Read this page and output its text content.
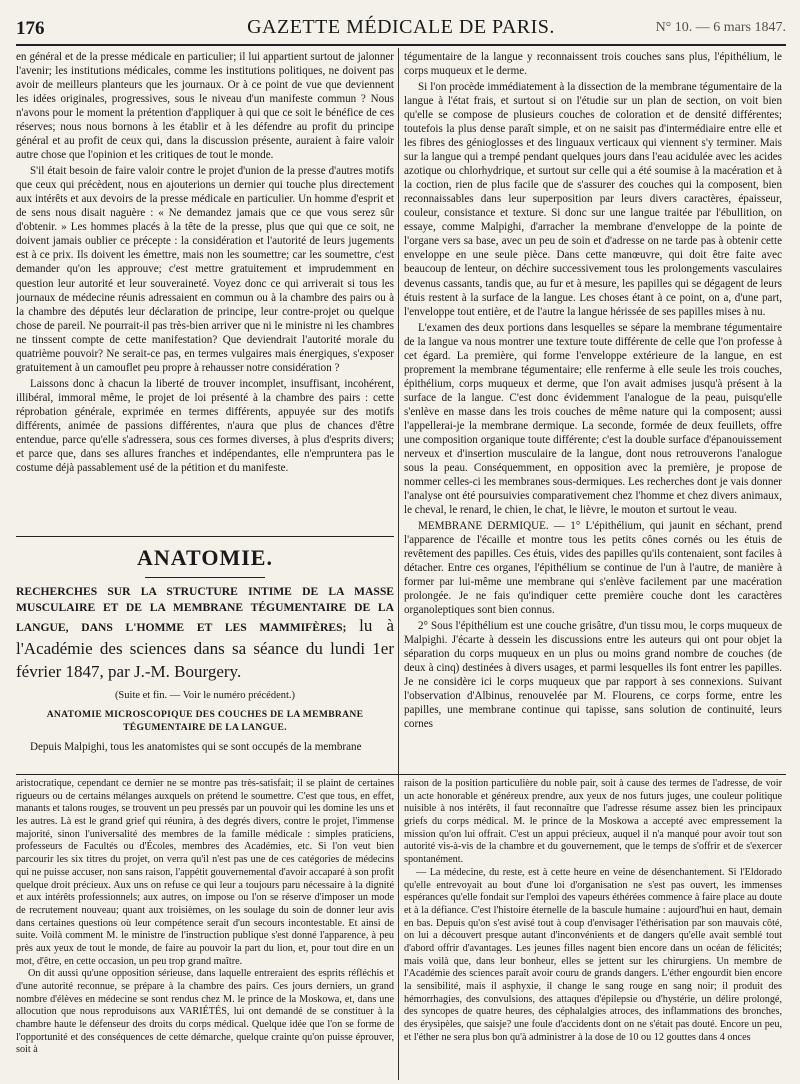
176	GAZETTE MÉDICALE DE PARIS.	N° 10. — 6 mars 1847.

en général et de la presse médicale en particulier; il lui appartient surtout de jalonner l'avenir; les institutions médicales, comme les institutions politiques, ne doivent pas avoir de meilleurs planteurs que les journaux. Or à ce point de vue que deviennent les idées originales, progressives, sous le niveau d'un manifeste commun ? Nous n'avons pour le moment la prétention d'appliquer à qui que ce soit le bénéfice de ces réserves; nous nous bornons à les établir et à les défendre au profit du principe général et au profit de ceux qui, dans la discussion présente, auraient à faire valoir autre chose que l'opinion et les critiques de tout le monde.

S'il était besoin de faire valoir contre le projet d'union de la presse d'autres motifs que ceux qui précèdent, nous en ajouterions un dernier qui touche plus directement aux intérêts et aux devoirs de la presse médicale en particulier. Un homme d'esprit et de sens nous disait naguère : « Ne demandez jamais que ce que vous serez sûr d'obtenir. » Les hommes placés à la tête de la presse, plus que qui que ce soit, ne doivent jamais oublier ce précepte : la considération et l'autorité de leurs jugements est à ce prix. Ils doivent les émettre, mais non les soumettre; car les soumettre, c'est demander qu'on les approuve; c'est mettre gratuitement et imprudemment en question leur autorité et leur souveraineté. Voyez donc ce qui arriverait si tous les journaux de médecine réunis adressaient en commun ou à la chambre des pairs ou à la chambre des députés leur déclaration de principe, leur contre-projet ou quelque chose de pareil. Ne pourrait-il pas très-bien arriver que ni le ministre ni les chambres ne tinssent compte de cette manifestation? Que deviendrait l'autorité morale du quatrième pouvoir? Ne serait-ce pas, en termes vulgaires mais énergiques, s'exposer gratuitement à un camouflet peu propre à rehausser notre considération ?

Laissons donc à chacun la liberté de trouver incomplet, insuffisant, incohérent, illibéral, immoral même, le projet de loi présenté à la chambre des pairs : cette réprobation générale, exprimée en termes différents, appuyée sur des motifs différents, animée de passions différentes, n'aura que plus de chances d'être entendue, parce qu'elle s'adressera, sous ces formes diverses, à plus d'esprits divers; et parce que, dans ses allures franches et indépendantes, elle n'empruntera pas le costume déjà passablement usé de la pétition et du manifeste.

ANATOMIE.
RECHERCHES SUR LA STRUCTURE INTIME DE LA MASSE MUSCULAIRE ET DE LA MEMBRANE TÉGUMENTAIRE DE LA LANGUE, DANS L'HOMME ET LES MAMMIFÈRES; lu à l'Académie des sciences dans sa séance du lundi 1er février 1847, par J.-M. Bourgery.
(Suite et fin. — Voir le numéro précédent.)
ANATOMIE MICROSCOPIQUE DES COUCHES DE LA MEMBRANE TÉGUMENTAIRE DE LA LANGUE.

Depuis Malpighi, tous les anatomistes qui se sont occupés de la membrane

tégumentaire de la langue y reconnaissent trois couches sans plus, l'épithélium, le corps muqueux et le derme.

Si l'on procède immédiatement à la dissection de la membrane tégumentaire de la langue à l'état frais, et surtout si on l'étudie sur un plan de section, on voit bien qu'elle se compose de plusieurs couches de coloration et de densité différentes; toutefois la plus dense paraît simple, et on ne saisit pas d'intermédiaire entre elle et les fibres des génioglosses et des linguaux verticaux qui viennent s'y terminer. Mais sur la langue qui a trempé pendant quelques jours dans l'eau acidulée avec les acides azotique ou chlorhydrique, et surtout sur celle qui a été soumise à la macération et à la coction, rien de plus facile que de s'assurer des couches qui la composent, bien reconnaissables dans leur superposition par leurs divers caractères, épaisseur, couleur, consistance et texture. Si donc sur une langue traitée par l'ébullition, on essaye, comme Malpighi, d'arracher la membrane d'enveloppe de la pointe de l'organe vers sa base, avec un peu de soin et d'adresse on ne tarde pas à obtenir cette enveloppe en une seule pièce. Dans cette manœuvre, qui doit être faite avec beaucoup de lenteur, on déchire successivement tous les prolongements vasculaires devenus cassants, tandis que, au fur et à mesure, les papilles qui se dégagent de leurs étuis restent à la surface de la langue. Les choses étant à ce point, on a, d'une part, l'enveloppe tout entière, et de l'autre la langue hérissée de ses papilles mises à nu.

L'examen des deux portions dans lesquelles se sépare la membrane tégumentaire de la langue va nous montrer une texture toute différente de celle que l'on professe à cet égard. La première, qui forme l'enveloppe extérieure de la langue, en est proprement la membrane tégumentaire; elle renferme à elle seule les trois couches, épithélium, corps muqueux et derme, que l'on avait admises jusqu'à présent à la surface de la langue. C'est donc évidemment l'analogue de la peau, puisqu'elle s'enlève en masse dans les trois couches de même nature qui la composent; aussi l'appellerai-je la membrane dermique. La seconde, formée de deux feuillets, offre une composition organique toute différente; c'est la double surface d'épanouissement nerveux et d'insertion musculaire de la langue, dont nous retrouverons l'analogue sous la peau. Conséquemment, en opposition avec la première, je propose de nommer celles-ci les membranes sous-dermiques. Les recherches dont je vais donner l'analyse ont été poursuivies comparativement chez l'homme et chez divers animaux, le cheval, le renard, le chien, le chat, le lièvre, le mouton et surtout le veau.

MEMBRANE DERMIQUE. — 1° L'épithélium, qui jaunit en séchant, prend l'apparence de l'écaille et montre tous les petits cônes cornés ou les étuis de revêtement des papilles. Ces étuis, vides des papilles qu'ils contenaient, sont faciles à détacher. Entre ces organes, l'épithélium se continue de l'un à l'autre, de manière à former par lui-même une membrane qui s'enlève facilement par une macération prolongée. Je ne fais qu'indiquer cette première couche dont les caractères organoleptiques sont bien connus.

2° Sous l'épithélium est une couche grisâtre, d'un tissu mou, le corps muqueux de Malpighi. J'écarte à dessein les discussions entre les auteurs qui ont pour objet la séparation du corps muqueux en un plus ou moins grand nombre de couches (de deux à cinq) destinées à divers usages, et parmi lesquelles ils font entrer les papilles. Je ne considère ici le corps muqueux que par rapport à ses connexions. Suivant l'observation d'Albinus, renouvelée par M. Flourens, ce corps forme, entre les papilles, une membrane continue qui tapisse, sans solution de continuité, leurs cornes

aristocratique, cependant ce dernier ne se montre pas très-satisfait; il se plaint de certaines rigueurs ou de certains mélanges auxquels on prétend le soumettre. C'est que tous, en effet, manants et talons rouges, se trouvent un peu pressés par un pouvoir qui les domine les uns et les autres. Là est le grand grief qui réunira, à des degrés divers, contre le projet, l'immense majorité, sinon l'universalité des membres de la famille médicale : simples praticiens, professeurs de Facultés ou d'Écoles, membres des Académies, etc. Si l'on veut bien parcourir les six titres du projet, on verra qu'il n'est pas une de ces catégories de médecins qui ne puisse accuser, non sans raison, l'appétit gouvernemental d'avoir accaparé à son profit quelque droit précieux. Aux uns on refuse ce qui leur a toujours paru nécessaire à la dignité et aux intérêts professionnels; aux autres, on impose ou l'on se réserve d'imposer un mode de recrutement nouveau; quant aux troisièmes, on les soulage du soin de donner leur avis dans certaines questions où leur compétence serait d'un secours incontestable. Et ainsi de suite. Voilà comment M. le ministre de l'instruction publique s'est donné l'apparence, à peu près aux yeux de tout le monde, de faire au pouvoir la part du lion, et, pour tout dire en un mot, d'être, en cette occasion, un peu trop grand maître.

On dit aussi qu'une opposition sérieuse, dans laquelle entreraient des esprits réfléchis et d'une autorité reconnue, se prépare à la chambre des pairs. Ces jours derniers, un grand nombre d'élèves en médecine se sont rendus chez M. le prince de la Moskowa, et, dans une allocution que nous reproduisons aux VARIÉTÉS, lui ont demandé de se constituer à la chambre haute le défenseur des droits du corps médical. Quelque idée que l'on se forme de l'opportunité et des conséquences de cette démarche, quelque crainte qu'on puisse éprouver, soit à

raison de la position particulière du noble pair, soit à cause des termes de l'adresse, de voir un acte honorable et généreux prendre, aux yeux de nos futurs juges, une couleur politique nuisible à nos intérêts, il faut reconnaître que l'adresse résume assez bien les principaux griefs du corps médical. M. le prince de la Moskowa a accepté avec empressement la mission qu'on lui offrait. C'est un appui précieux, auquel il n'a manqué pour avoir tout son autorité vis-à-vis de la chambre et du gouvernement, que le temps de s'offrir et de s'exercer spontanément.

— La médecine, du reste, est à cette heure en veine de désenchantement. Si l'Eldorado qu'elle entrevoyait au bout d'une loi d'organisation ne s'est pas ouvert, les immenses espérances qu'elle fondait sur l'emploi des vapeurs éthérées commence à faire place au doute et à la défiance. C'est l'histoire éternelle de la bascule humaine : aujourd'hui en haut, demain en bas. Depuis qu'on s'est avisé tout à coup d'envisager l'éthérisation par son mauvais côté, on lui a découvert presque autant d'inconvénients et de dangers qu'elle avait semblé tout d'abord offrir d'avantages. Les jeunes filles nagent bien encore dans un océan de félicités; mais voilà que, dans leur bonheur, elles se jettent sur les chirurgiens. Un membre de l'Académie des sciences paraît avoir couru de grands dangers. L'éther engourdit bien encore la sensibilité, mais il asphyxie, il change le sang rouge en sang noir; il produit des hémorrhagies, des convulsions, des attaques d'épilepsie ou d'hystérie, un délire prolongé, des syncopes de quatre heures, des céphalalgies atroces, des inflammations des bronches, des érysipèles, que saisje? une foule d'accidents dont on ne s'était pas douté. Encore un peu, et l'éther ne sera plus bon qu'à administrer à la dose de 10 ou 12 gouttes dans 4 onces
